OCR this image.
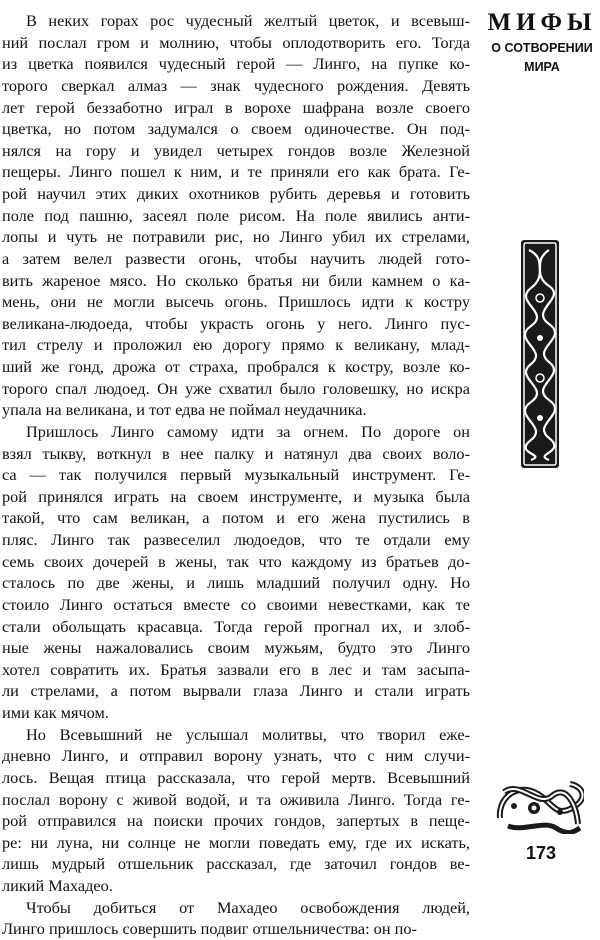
В неких горах рос чудесный желтый цветок, и всевыш-
ний послал гром и молнию, чтобы оплодотворить его. Тогда
из цветка появился чудесный герой — Линго, на пупке ко-
торого сверкал алмаз — знак чудесного рождения. Девять
лет герой беззаботно играл в ворохе шафрана возле своего
цветка, но потом задумался о своем одиночестве. Он под-
нялся на гору и увидел четырех гондов возле Железной
пещеры. Линго пошел к ним, и те приняли его как брата. Ге-
рой научил этих диких охотников рубить деревья и готовить
поле под пашню, засеял поле рисом. На поле явились анти-
лопы и чуть не потравили рис, но Линго убил их стрелами,
а затем велел развести огонь, чтобы научить людей гото-
вить жареное мясо. Но сколько братья ни били камнем о ка-
мень, они не могли высечь огонь. Пришлось идти к костру
великана-людоеда, чтобы украсть огонь у него. Линго пус-
тил стрелу и проложил ею дорогу прямо к великану, млад-
ший же гонд, дрожа от страха, пробрался к костру, возле ко-
торого спал людоед. Он уже схватил было головешку, но искра
упала на великана, и тот едва не поймал неудачника.
Пришлось Линго самому идти за огнем. По дороге он
взял тыкву, воткнул в нее палку и натянул два своих воло-
са — так получился первый музыкальный инструмент. Ге-
рой принялся играть на своем инструменте, и музыка была
такой, что сам великан, а потом и его жена пустились в
пляс. Линго так развеселил людоедов, что те отдали ему
семь своих дочерей в жены, так что каждому из братьев до-
сталось по две жены, и лишь младший получил одну. Но
стоило Линго остаться вместе со своими невестками, как те
стали обольщать красавца. Тогда герой прогнал их, и злоб-
ные жены нажаловались своим мужьям, будто это Линго
хотел совратить их. Братья зазвали его в лес и там засыпа-
ли стрелами, а потом вырвали глаза Линго и стали играть
ими как мячом.
Но Всевышний не услышал молитвы, что творил еже-
дневно Линго, и отправил ворону узнать, что с ним случи-
лось. Вещая птица рассказала, что герой мертв. Всевышний
послал ворону с живой водой, и та оживила Линго. Тогда ге-
рой отправился на поиски прочих гондов, запертых в пеще-
ре: ни луна, ни солнце не могли поведать ему, где их искать,
лишь мудрый отшельник рассказал, где заточил гондов ве-
ликий Махадео.
Чтобы добиться от Махадео освобождения людей,
Линго пришлось совершить подвиг отшельничества: он по-
МИФЫ
О СОТВОРЕНИИ
МИРА
173
